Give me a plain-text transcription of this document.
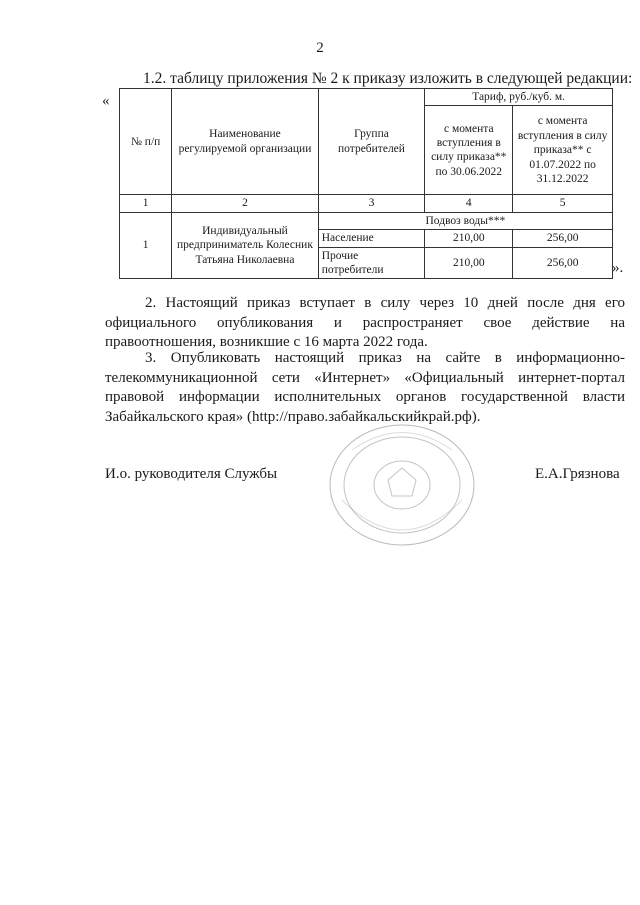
2
1.2. таблицу приложения № 2 к приказу изложить в следующей редакции:
«
№ п/п	Наименование регулируемой организации	Группа потребителей	Тариф, руб./куб. м.	
			с момента вступления в силу приказа** по 30.06.2022	с момента вступления в силу приказа** с 01.07.2022 по 31.12.2022
1	2	3	4	5
1	Индивидуальный предприниматель Колесник Татьяна Николаевна	Подвоз воды***		
		Население	210,00	256,00
		Прочие потребители	210,00	256,00 ».
2. Настоящий приказ вступает в силу через 10 дней после дня его официального опубликования и распространяет свое действие на правоотношения, возникшие с 16 марта 2022 года.
3. Опубликовать настоящий приказ на сайте в информационно-телекоммуникационной сети «Интернет» «Официальный интернет-портал правовой информации исполнительных органов государственной власти Забайкальского края» (http://право.забайкальскийкрай.рф).
И.о. руководителя Службы	Е.А.Грязнова
